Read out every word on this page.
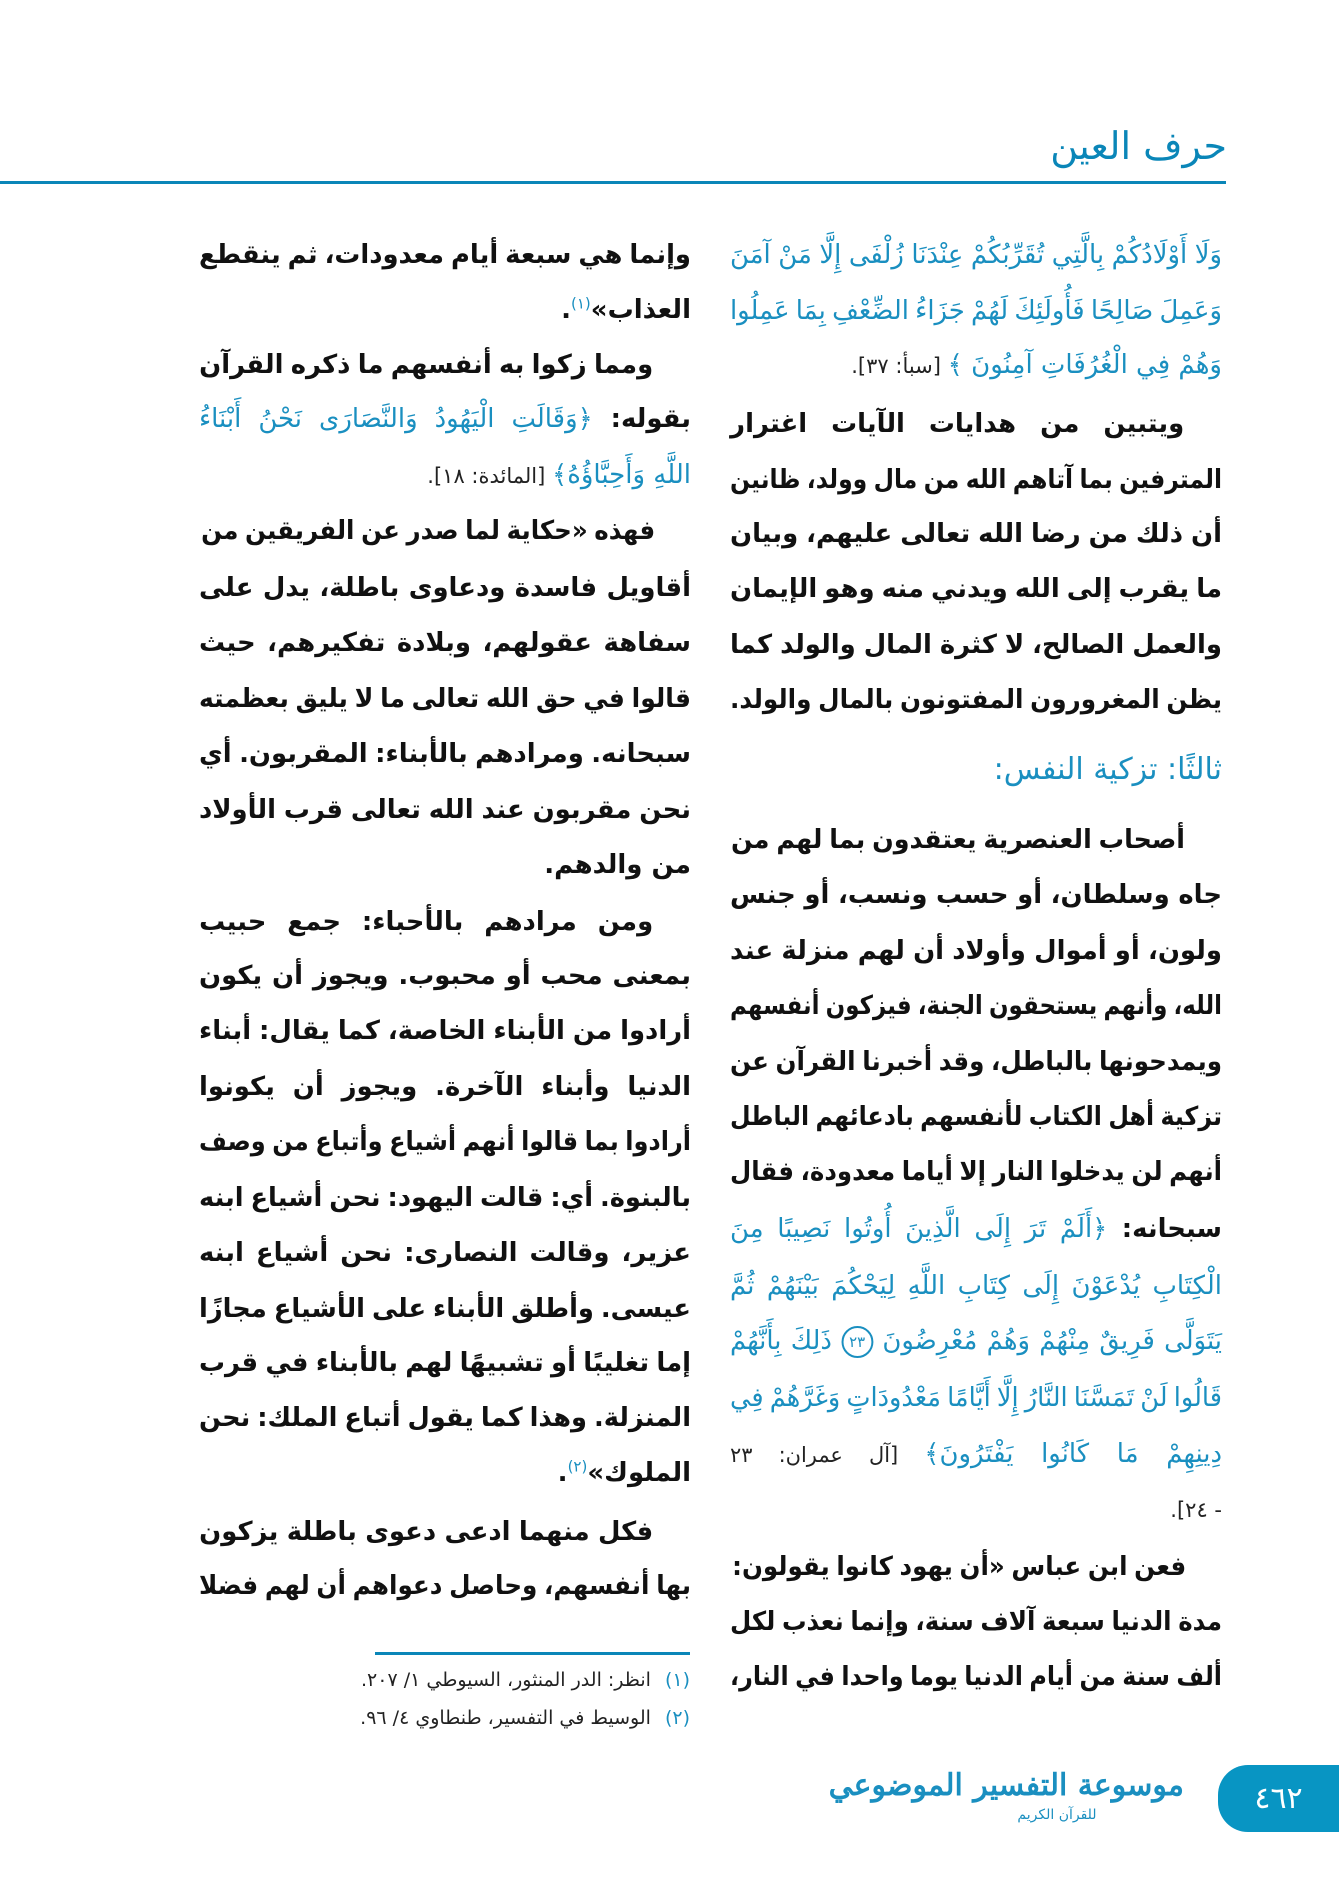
حرف العين
ثالثًا: تزكية النفس:
وَلَا أَوْلَادُكُمْ بِالَّتِي تُقَرِّبُكُمْ عِنْدَنَا زُلْفَى إِلَّا مَنْ آمَنَ
وَعَمِلَ صَالِحًا فَأُولَئِكَ لَهُمْ جَزَاءُ الضِّعْفِ بِمَا عَمِلُوا
وَهُمْ فِي الْغُرُفَاتِ آمِنُونَ ﴾ [سبأ: ٣٧].
ويتبين من هدايات الآيات اغترار
المترفين بما آتاهم الله من مال وولد، ظانين
أن ذلك من رضا الله تعالى عليهم، وبيان
ما يقرب إلى الله ويدني منه وهو الإيمان
والعمل الصالح، لا كثرة المال والولد كما
يظن المغرورون المفتونون بالمال والولد.
أصحاب العنصرية يعتقدون بما لهم من
جاه وسلطان، أو حسب ونسب، أو جنس
ولون، أو أموال وأولاد أن لهم منزلة عند
الله، وأنهم يستحقون الجنة، فيزكون أنفسهم
ويمدحونها بالباطل، وقد أخبرنا القرآن عن
تزكية أهل الكتاب لأنفسهم بادعائهم الباطل
أنهم لن يدخلوا النار إلا أياما معدودة، فقال
سبحانه: ﴿أَلَمْ تَرَ إِلَى الَّذِينَ أُوتُوا نَصِيبًا مِنَ
الْكِتَابِ يُدْعَوْنَ إِلَى كِتَابِ اللَّهِ لِيَحْكُمَ بَيْنَهُمْ ثُمَّ
يَتَوَلَّى فَرِيقٌ مِنْهُمْ وَهُمْ مُعْرِضُونَ ٢٣ ذَلِكَ بِأَنَّهُمْ
قَالُوا لَنْ تَمَسَّنَا النَّارُ إِلَّا أَيَّامًا مَعْدُودَاتٍ وَغَرَّهُمْ فِي
دِينِهِمْ مَا كَانُوا يَفْتَرُونَ﴾ [آل عمران: ٢٣
- ٢٤].
فعن ابن عباس «أن يهود كانوا يقولون:
مدة الدنيا سبعة آلاف سنة، وإنما نعذب لكل
ألف سنة من أيام الدنيا يوما واحدا في النار،
وإنما هي سبعة أيام معدودات، ثم ينقطع
العذاب»$^{(١)}$.
ومما زكوا به أنفسهم ما ذكره القرآن
بقوله: ﴿وَقَالَتِ الْيَهُودُ وَالنَّصَارَى نَحْنُ أَبْنَاءُ
اللَّهِ وَأَحِبَّاؤُهُ﴾ [المائدة: ١٨].
فهذه «حكاية لما صدر عن الفريقين من
أقاويل فاسدة ودعاوى باطلة، يدل على
سفاهة عقولهم، وبلادة تفكيرهم، حيث
قالوا في حق الله تعالى ما لا يليق بعظمته
سبحانه. ومرادهم بالأبناء: المقربون. أي
نحن مقربون عند الله تعالى قرب الأولاد
من والدهم.
ومن مرادهم بالأحباء: جمع حبيب
بمعنى محب أو محبوب. ويجوز أن يكون
أرادوا من الأبناء الخاصة، كما يقال: أبناء
الدنيا وأبناء الآخرة. ويجوز أن يكونوا
أرادوا بما قالوا أنهم أشياع وأتباع من وصف
بالبنوة. أي: قالت اليهود: نحن أشياع ابنه
عزير، وقالت النصارى: نحن أشياع ابنه
عيسى. وأطلق الأبناء على الأشياع مجازًا
إما تغليبًا أو تشبيهًا لهم بالأبناء في قرب
المنزلة. وهذا كما يقول أتباع الملك: نحن
الملوك»$^{(٢)}$.
فكل منهما ادعى دعوى باطلة يزكون
بها أنفسهم، وحاصل دعواهم أن لهم فضلا
(١)انظر: الدر المنثور، السيوطي ١/ ٢٠٧.
(٢)الوسيط في التفسير، طنطاوي ٤/ ٩٦.
موسوعة التفسير الموضوعي
للقرآن الكريم	٤٦٢
